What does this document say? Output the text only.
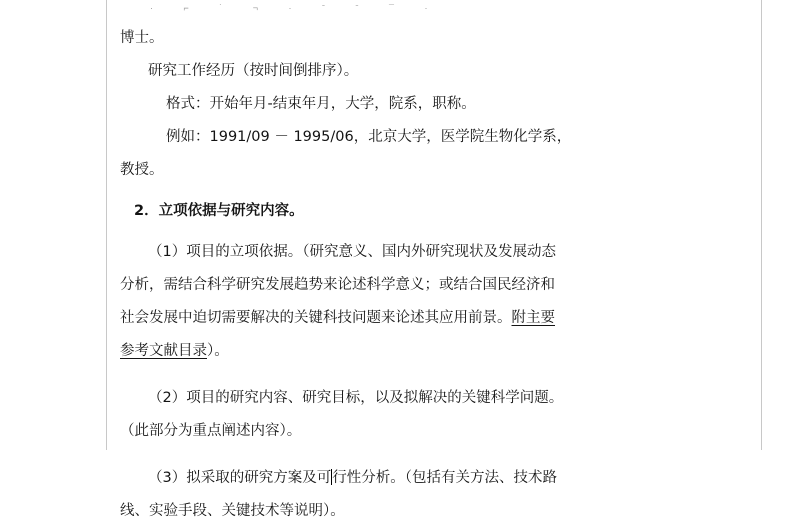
· ⌐ ˙ ¬ · ˉ ˉ ¯ ·

博士。

研究工作经历（按时间倒排序）。

格式：开始年月-结束年月，大学，院系，职称。

例如：1991/09 － 1995/06，北京大学，医学院生物化学系，

教授。

2．立项依据与研究内容。

（1）项目的立项依据。（研究意义、国内外研究现状及发展动态

分析，需结合科学研究发展趋势来论述科学意义；或结合国民经济和

社会发展中迫切需要解决的关键科技问题来论述其应用前景。附主要

参考文献目录）。

（2）项目的研究内容、研究目标，以及拟解决的关键科学问题。

（此部分为重点阐述内容）。

（3）拟采取的研究方案及可行性分析。（包括有关方法、技术路

线、实验手段、关键技术等说明）。
